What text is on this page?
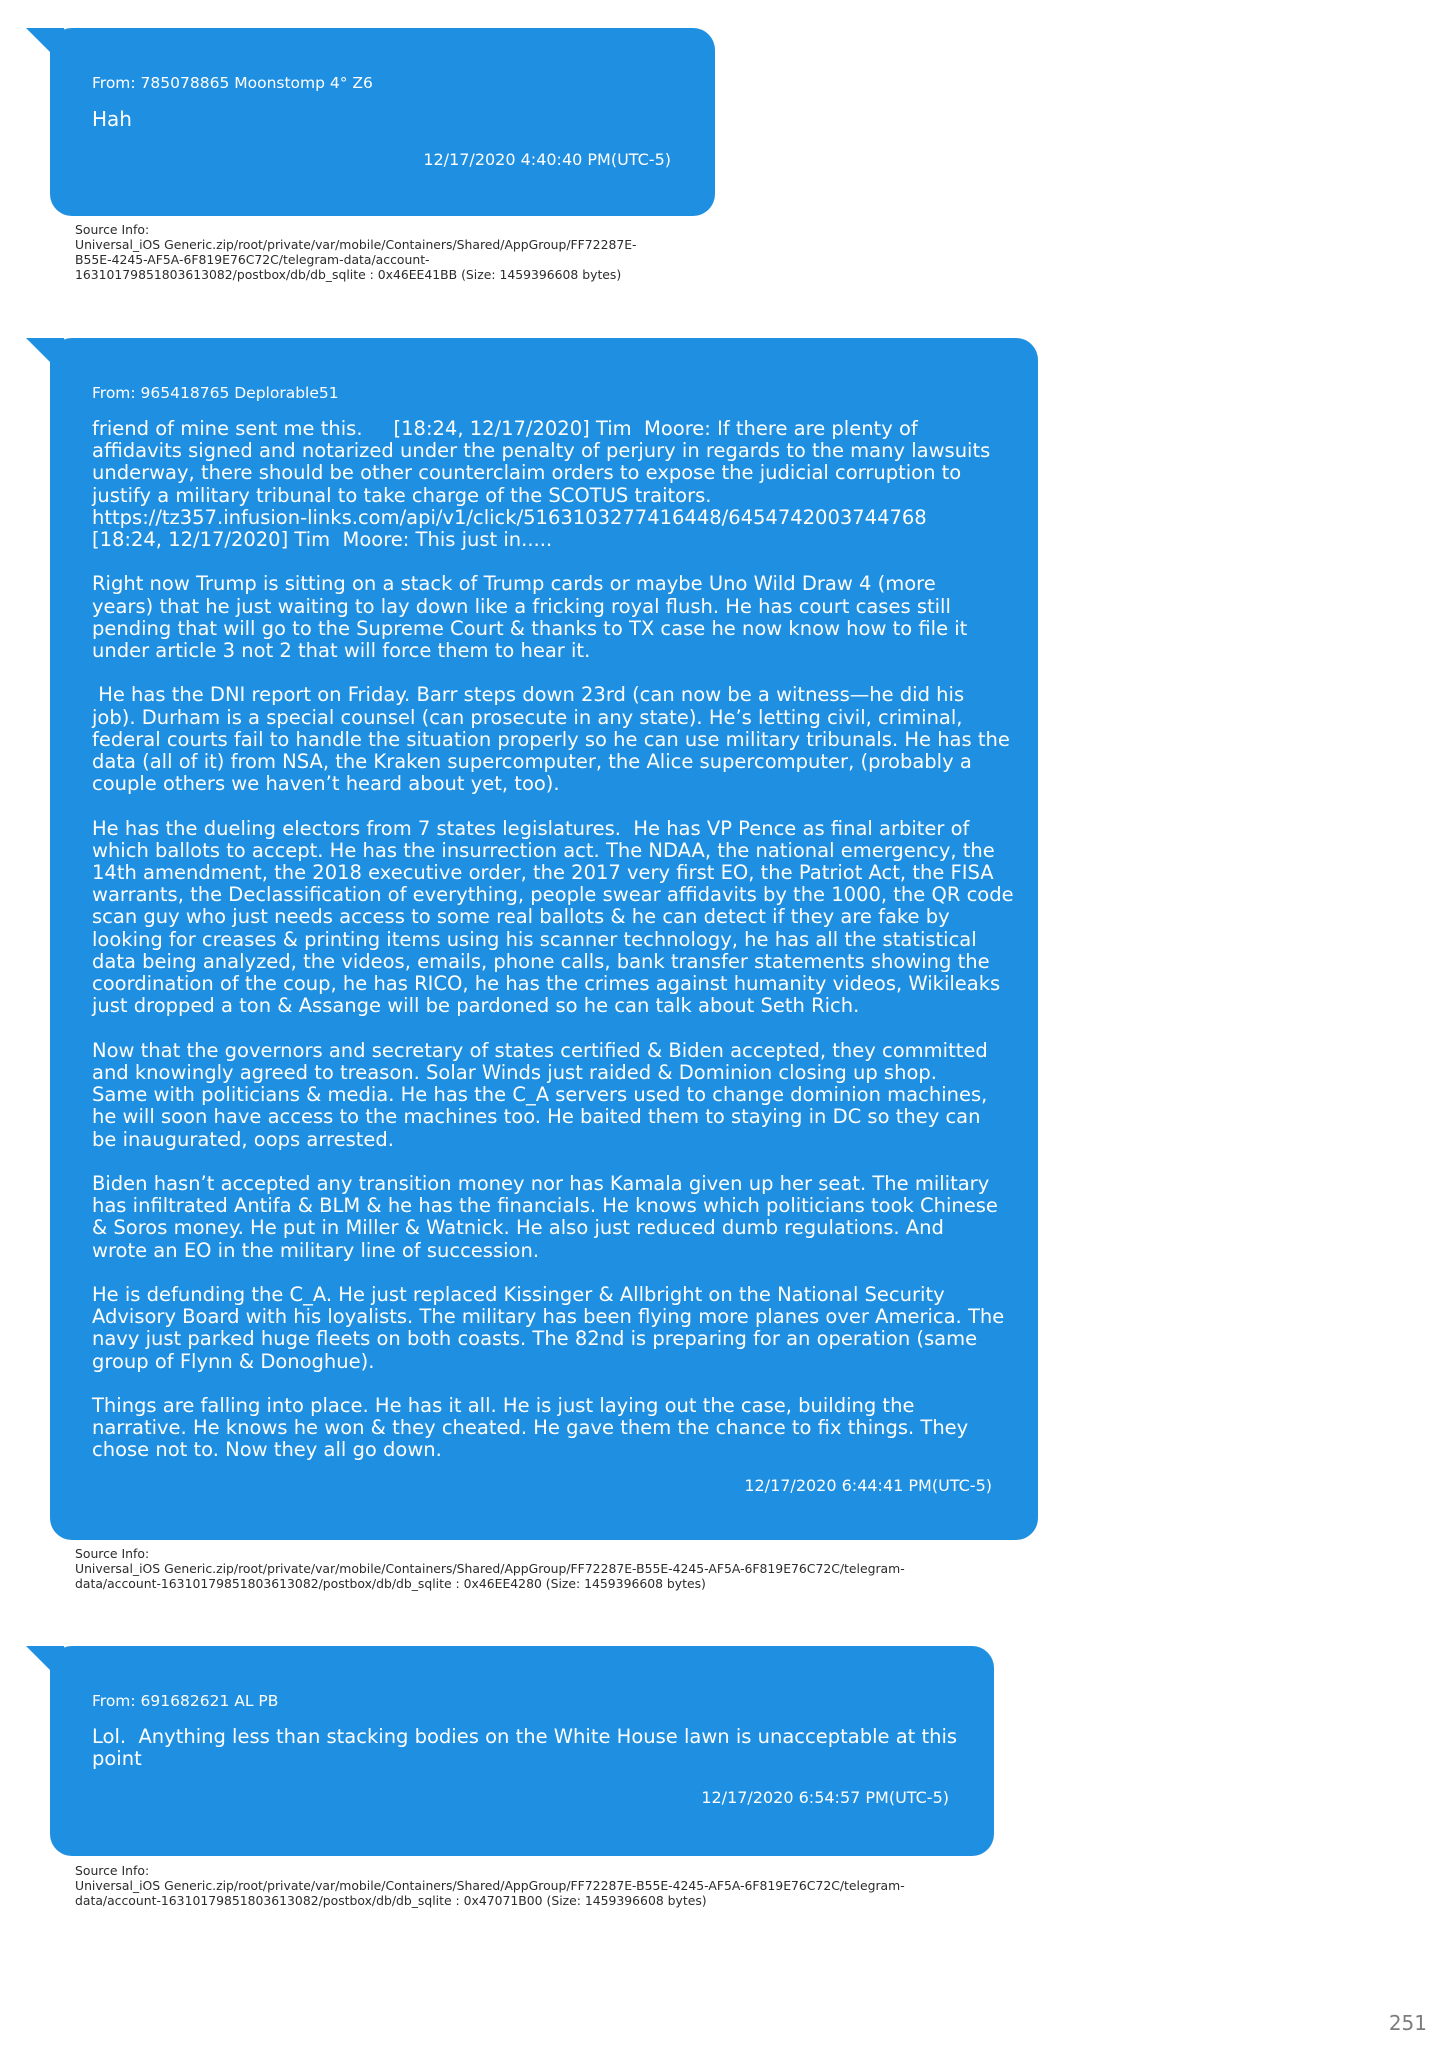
From: 785078865 Moonstomp 4° Z6
Hah
12/17/2020 4:40:40 PM(UTC-5)
Source Info:
Universal_iOS Generic.zip/root/private/var/mobile/Containers/Shared/AppGroup/FF72287E-
B55E-4245-AF5A-6F819E76C72C/telegram-data/account-
16310179851803613082/postbox/db/db_sqlite : 0x46EE41BB (Size: 1459396608 bytes)
From: 965418765 Deplorable51
friend of mine sent me this.     [18:24, 12/17/2020] Tim  Moore: If there are plenty of
affidavits signed and notarized under the penalty of perjury in regards to the many lawsuits
underway, there should be other counterclaim orders to expose the judicial corruption to
justify a military tribunal to take charge of the SCOTUS traitors.
https://tz357.infusion-links.com/api/v1/click/5163103277416448/6454742003744768
[18:24, 12/17/2020] Tim  Moore: This just in.....

Right now Trump is sitting on a stack of Trump cards or maybe Uno Wild Draw 4 (more
years) that he just waiting to lay down like a fricking royal flush. He has court cases still
pending that will go to the Supreme Court & thanks to TX case he now know how to file it
under article 3 not 2 that will force them to hear it.

He has the DNI report on Friday. Barr steps down 23rd (can now be a witness—he did his
job). Durham is a special counsel (can prosecute in any state). He’s letting civil, criminal,
federal courts fail to handle the situation properly so he can use military tribunals. He has the
data (all of it) from NSA, the Kraken supercomputer, the Alice supercomputer, (probably a
couple others we haven’t heard about yet, too).

He has the dueling electors from 7 states legislatures.  He has VP Pence as final arbiter of
which ballots to accept. He has the insurrection act. The NDAA, the national emergency, the
14th amendment, the 2018 executive order, the 2017 very first EO, the Patriot Act, the FISA
warrants, the Declassification of everything, people swear affidavits by the 1000, the QR code
scan guy who just needs access to some real ballots & he can detect if they are fake by
looking for creases & printing items using his scanner technology, he has all the statistical
data being analyzed, the videos, emails, phone calls, bank transfer statements showing the
coordination of the coup, he has RICO, he has the crimes against humanity videos, Wikileaks
just dropped a ton & Assange will be pardoned so he can talk about Seth Rich.

Now that the governors and secretary of states certified & Biden accepted, they committed
and knowingly agreed to treason. Solar Winds just raided & Dominion closing up shop.
Same with politicians & media. He has the C_A servers used to change dominion machines,
he will soon have access to the machines too. He baited them to staying in DC so they can
be inaugurated, oops arrested.

Biden hasn’t accepted any transition money nor has Kamala given up her seat. The military
has infiltrated Antifa & BLM & he has the financials. He knows which politicians took Chinese
& Soros money. He put in Miller & Watnick. He also just reduced dumb regulations. And
wrote an EO in the military line of succession.

He is defunding the C_A. He just replaced Kissinger & Allbright on the National Security
Advisory Board with his loyalists. The military has been flying more planes over America. The
navy just parked huge fleets on both coasts. The 82nd is preparing for an operation (same
group of Flynn & Donoghue).

Things are falling into place. He has it all. He is just laying out the case, building the
narrative. He knows he won & they cheated. He gave them the chance to fix things. They
chose not to. Now they all go down.
12/17/2020 6:44:41 PM(UTC-5)
Source Info:
Universal_iOS Generic.zip/root/private/var/mobile/Containers/Shared/AppGroup/FF72287E-B55E-4245-AF5A-6F819E76C72C/telegram-
data/account-16310179851803613082/postbox/db/db_sqlite : 0x46EE4280 (Size: 1459396608 bytes)
From: 691682621 AL PB
Lol.  Anything less than stacking bodies on the White House lawn is unacceptable at this
point
12/17/2020 6:54:57 PM(UTC-5)
Source Info:
Universal_iOS Generic.zip/root/private/var/mobile/Containers/Shared/AppGroup/FF72287E-B55E-4245-AF5A-6F819E76C72C/telegram-
data/account-16310179851803613082/postbox/db/db_sqlite : 0x47071B00 (Size: 1459396608 bytes)
251
